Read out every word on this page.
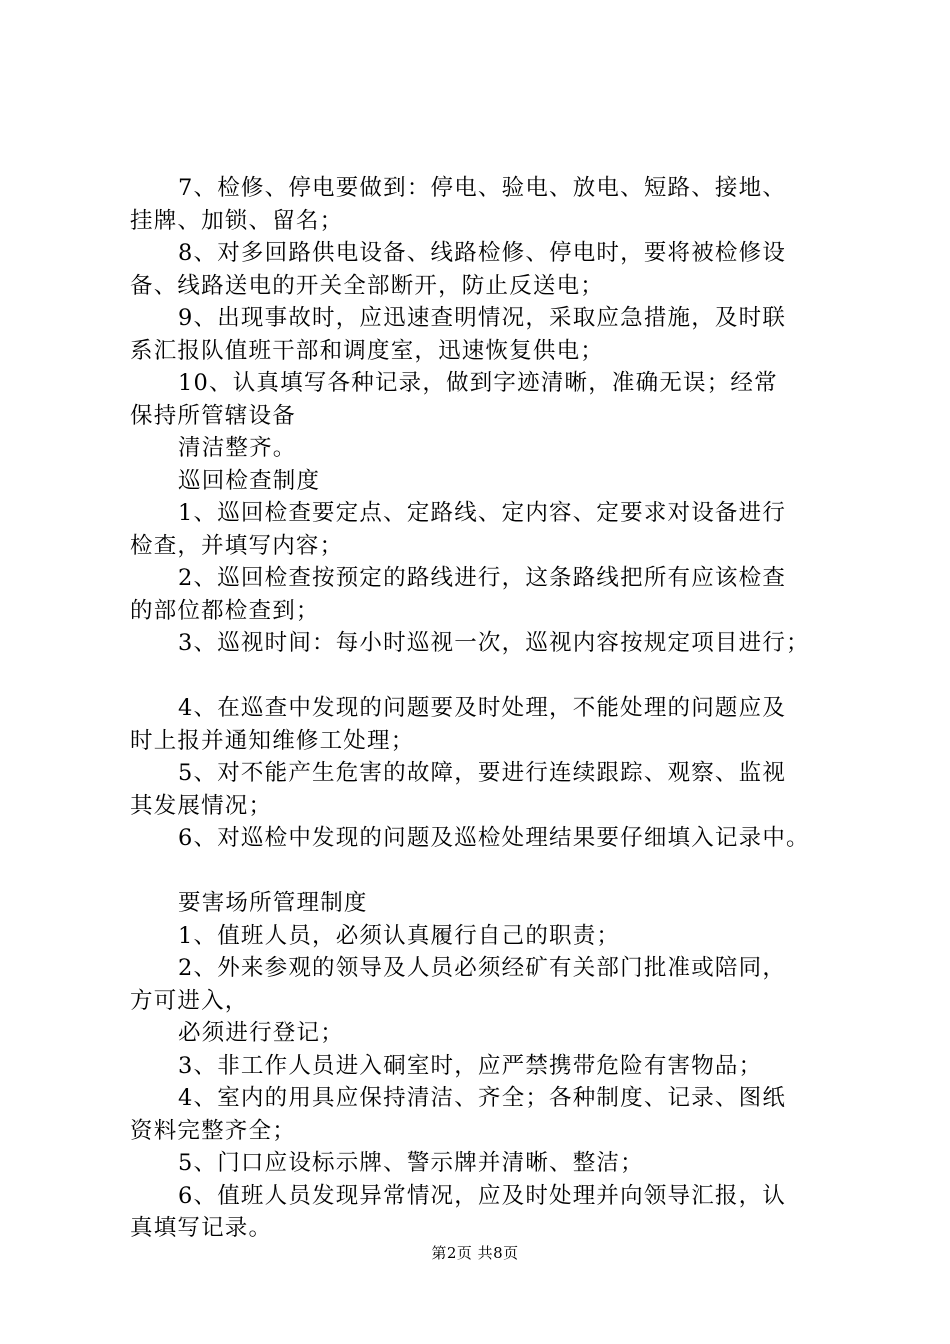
7、检修、停电要做到：停电、验电、放电、短路、接地、
挂牌、加锁、留名；
8、对多回路供电设备、线路检修、停电时，要将被检修设
备、线路送电的开关全部断开，防止反送电；
9、出现事故时，应迅速查明情况，采取应急措施，及时联
系汇报队值班干部和调度室，迅速恢复供电；
10、认真填写各种记录，做到字迹清晰，准确无误；经常
保持所管辖设备
清洁整齐。
巡回检查制度
1、巡回检查要定点、定路线、定内容、定要求对设备进行
检查，并填写内容；
2、巡回检查按预定的路线进行，这条路线把所有应该检查
的部位都检查到；
3、巡视时间：每小时巡视一次，巡视内容按规定项目进行；
4、在巡查中发现的问题要及时处理，不能处理的问题应及
时上报并通知维修工处理；
5、对不能产生危害的故障，要进行连续跟踪、观察、监视
其发展情况；
6、对巡检中发现的问题及巡检处理结果要仔细填入记录中。
要害场所管理制度
1、值班人员，必须认真履行自己的职责；
2、外来参观的领导及人员必须经矿有关部门批准或陪同，
方可进入，
必须进行登记；
3、非工作人员进入硐室时，应严禁携带危险有害物品；
4、室内的用具应保持清洁、齐全；各种制度、记录、图纸
资料完整齐全；
5、门口应设标示牌、警示牌并清晰、整洁；
6、值班人员发现异常情况，应及时处理并向领导汇报，认
真填写记录。
第2页 共8页
